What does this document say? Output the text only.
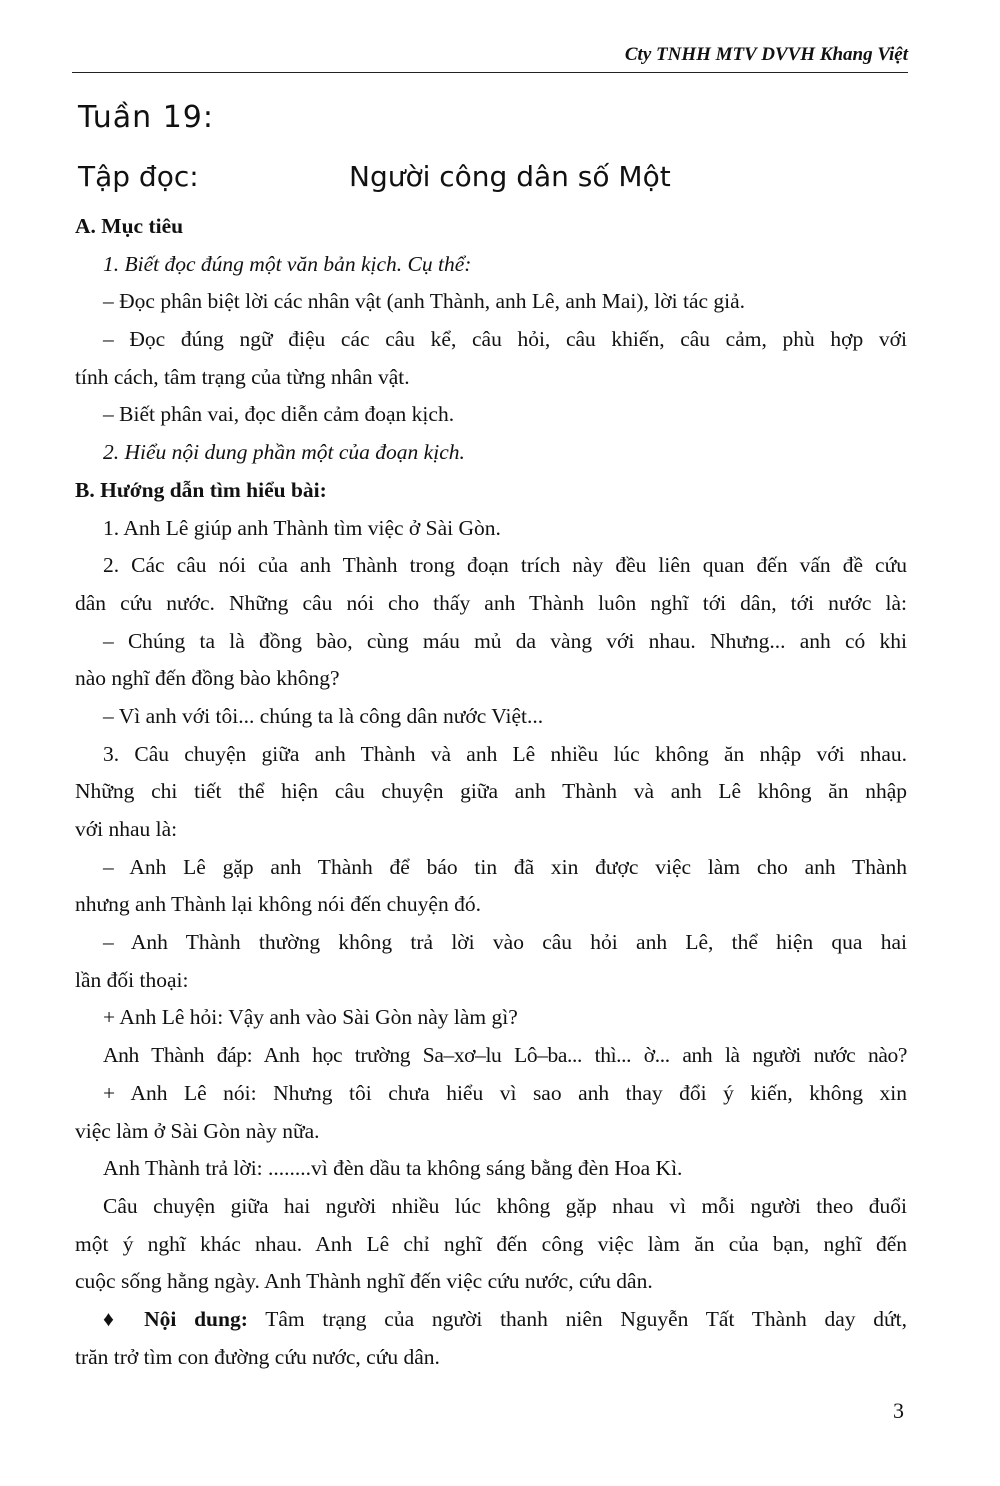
Cty TNHH MTV DVVH Khang Việt
Tuần 19:
Tập đọc:	Người công dân số Một
A. Mục tiêu
1. Biết đọc đúng một văn bản kịch. Cụ thể:
– Đọc phân biệt lời các nhân vật (anh Thành, anh Lê, anh Mai), lời tác giả.
– Đọc đúng ngữ điệu các câu kể, câu hỏi, câu khiến, câu cảm, phù hợp với
tính cách, tâm trạng của từng nhân vật.
– Biết phân vai, đọc diễn cảm đoạn kịch.
2. Hiểu nội dung phần một của đoạn kịch.
B. Hướng dẫn tìm hiểu bài:
1. Anh Lê giúp anh Thành tìm việc ở Sài Gòn.
2. Các câu nói của anh Thành trong đoạn trích này đều liên quan đến vấn đề cứu
dân cứu nước. Những câu nói cho thấy anh Thành luôn nghĩ tới dân, tới nước là:
– Chúng ta là đồng bào, cùng máu mủ da vàng với nhau. Nhưng... anh có khi
nào nghĩ đến đồng bào không?
– Vì anh với tôi... chúng ta là công dân nước Việt...
3. Câu chuyện giữa anh Thành và anh Lê nhiều lúc không ăn nhập với nhau.
Những chi tiết thể hiện câu chuyện giữa anh Thành và anh Lê không ăn nhập
với nhau là:
– Anh Lê gặp anh Thành để báo tin đã xin được việc làm cho anh Thành
nhưng anh Thành lại không nói đến chuyện đó.
– Anh Thành thường không trả lời vào câu hỏi anh Lê, thể hiện qua hai
lần đối thoại:
+ Anh Lê hỏi: Vậy anh vào Sài Gòn này làm gì?
Anh Thành đáp: Anh học trường Sa–xơ–lu Lô–ba... thì... ờ... anh là người nước nào?
+ Anh Lê nói: Nhưng tôi chưa hiểu vì sao anh thay đổi ý kiến, không xin
việc làm ở Sài Gòn này nữa.
Anh Thành trả lời: ........vì đèn dầu ta không sáng bằng đèn Hoa Kì.
Câu chuyện giữa hai người nhiều lúc không gặp nhau vì mỗi người theo đuổi
một ý nghĩ khác nhau. Anh Lê chỉ nghĩ đến công việc làm ăn của bạn, nghĩ đến
cuộc sống hằng ngày. Anh Thành nghĩ đến việc cứu nước, cứu dân.
♦ Nội dung: Tâm trạng của người thanh niên Nguyễn Tất Thành day dứt,
trăn trở tìm con đường cứu nước, cứu dân.
3
